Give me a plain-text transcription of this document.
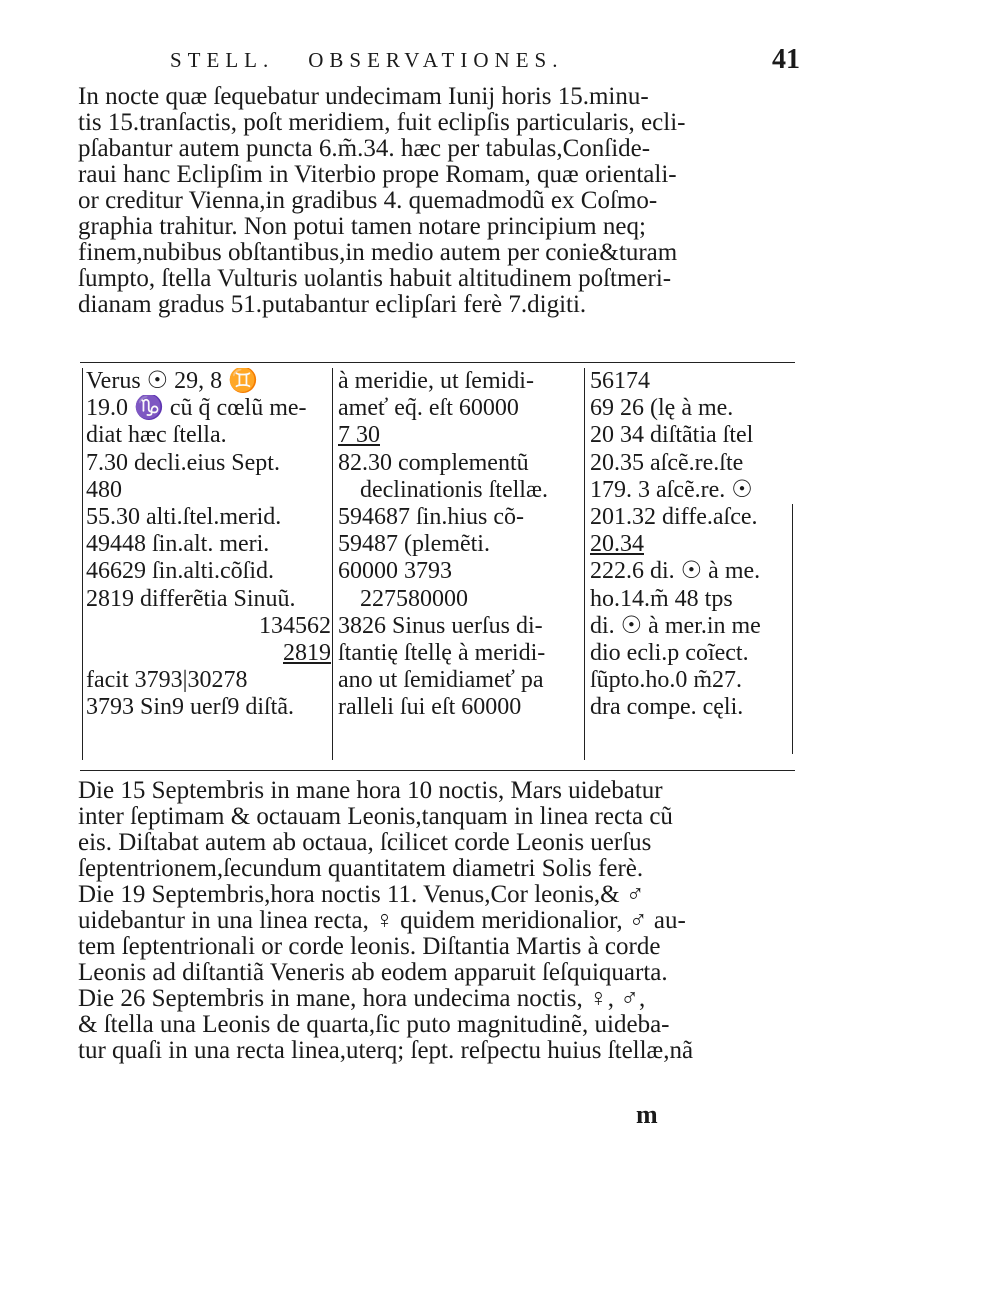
STELL. OBSERVATIONES.	41
In nocte quæ ſequebatur undecimam Iunij horis 15.minu-
tis 15.tranſactis, poſt meridiem, fuit eclipſis particularis, ecli-
pſabantur autem puncta 6.m̃.34. hæc per tabulas,Conſide-
raui hanc Eclipſim in Viterbio prope Romam, quæ orientali-
or creditur Vienna,in gradibus 4. quemadmodũ ex Coſmo-
graphia trahitur. Non potui tamen notare principium neq;
finem,nubibus obſtantibus,in medio autem per conie&turam
ſumpto, ſtella Vulturis uolantis habuit altitudinem poſtmeri-
dianam gradus 51.putabantur eclipſari ferè 7.digiti.
Verus ☉ 29, 8 ♊
19.0 ♑ cũ q̃ cœlũ me-
diat hæc ſtella.
7.30 decli.eius Sept.
480
55.30 alti.ſtel.merid.
49448 ſin.alt. meri.
46629 ſin.alti.cõſid.
2819 differẽtia Sinuũ.
134562
2819
facit 3793|30278
3793 Sin9 uerſ9 diſtã.
à meridie, ut ſemidi-
ameť eq̃. eſt 60000
7 30
82.30 complementũ
declinationis ſtellæ.
594687 ſin.hius cõ-
59487 (plemẽti.
60000 3793
227580000
3826 Sinus uerſus di-
ſtantię ſtellę à meridi-
ano ut ſemidiameť pa
ralleli ſui eſt 60000
56174
69 26 (lę à me.
20 34 diſtãtia ſtel
20.35 aſcẽ.re.ſte
179. 3 aſcẽ.re. ☉
201.32 diffe.aſce.
20.34
222.6 di. ☉ à me.
ho.14.m̃ 48 tps
di. ☉ à mer.in me
dio ecli.p coĩect.
ſũpto.ho.0 m̃27.
dra compe. cęli.
Die 15 Septembris in mane hora 10 noctis, Mars uidebatur
inter ſeptimam & octauam Leonis,tanquam in linea recta cũ
eis. Diſtabat autem ab octaua, ſcilicet corde Leonis uerſus
ſeptentrionem,ſecundum quantitatem diametri Solis ferè.
Die 19 Septembris,hora noctis 11. Venus,Cor leonis,& ♂
uidebantur in una linea recta, ♀ quidem meridionalior, ♂ au-
tem ſeptentrionali or corde leonis. Diſtantia Martis à corde
Leonis ad diſtantiã Veneris ab eodem apparuit ſeſquiquarta.
Die 26 Septembris in mane, hora undecima noctis, ♀, ♂,
& ſtella una Leonis de quarta,ſic puto magnitudinẽ, uideba-
tur quaſi in una recta linea,uterq; ſept. reſpectu huius ſtellæ,nã
m
